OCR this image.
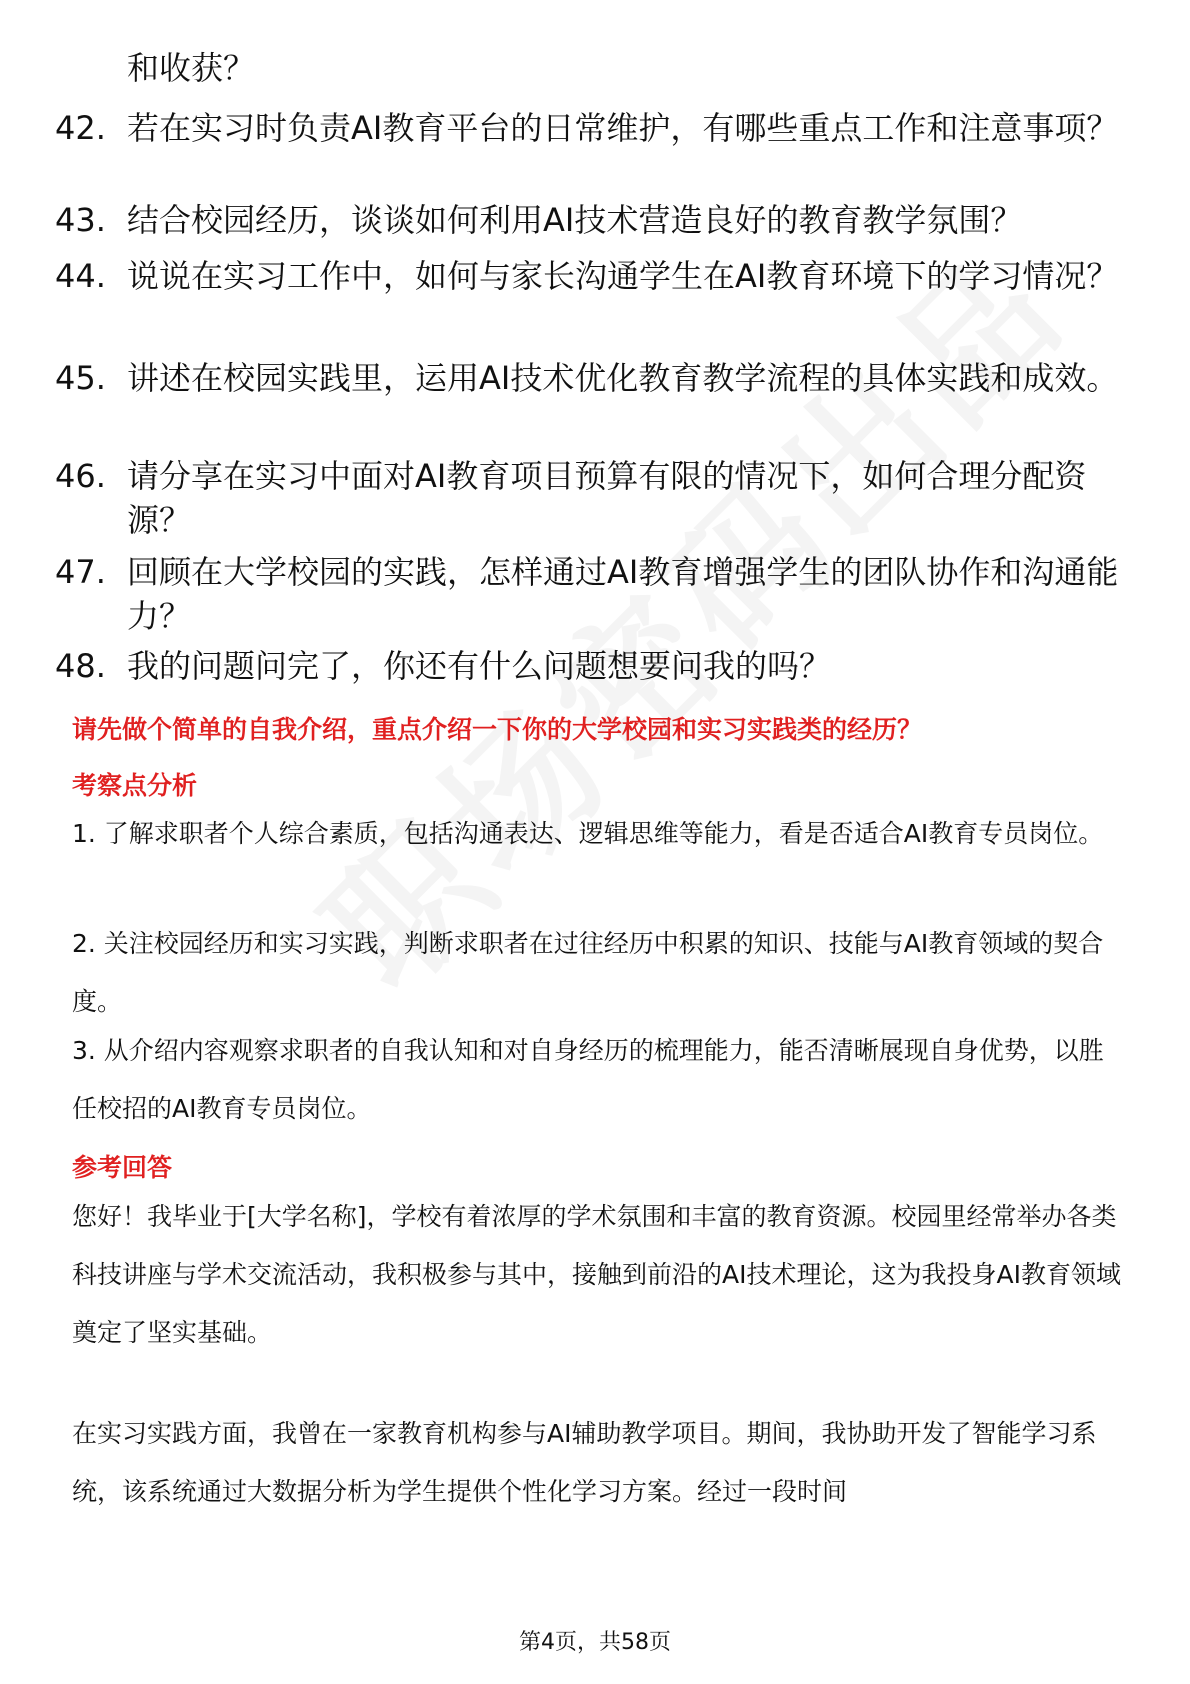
和收获？
42. 若在实习时负责AI教育平台的日常维护，有哪些重点工作和注意事项？
43. 结合校园经历，谈谈如何利用AI技术营造良好的教育教学氛围？
44. 说说在实习工作中，如何与家长沟通学生在AI教育环境下的学习情况？
45. 讲述在校园实践里，运用AI技术优化教育教学流程的具体实践和成效。
46. 请分享在实习中面对AI教育项目预算有限的情况下，如何合理分配资源？
47. 回顾在大学校园的实践，怎样通过AI教育增强学生的团队协作和沟通能力？
48. 我的问题问完了，你还有什么问题想要问我的吗？
请先做个简单的自我介绍，重点介绍一下你的大学校园和实习实践类的经历？
考察点分析
1. 了解求职者个人综合素质，包括沟通表达、逻辑思维等能力，看是否适合AI教育专员岗位。
2. 关注校园经历和实习实践，判断求职者在过往经历中积累的知识、技能与AI教育领域的契合度。
3. 从介绍内容观察求职者的自我认知和对自身经历的梳理能力，能否清晰展现自身优势，以胜任校招的AI教育专员岗位。
参考回答
您好！我毕业于[大学名称]，学校有着浓厚的学术氛围和丰富的教育资源。校园里经常举办各类科技讲座与学术交流活动，我积极参与其中，接触到前沿的AI技术理论，这为我投身AI教育领域奠定了坚实基础。
在实习实践方面，我曾在一家教育机构参与AI辅助教学项目。期间，我协助开发了智能学习系统，该系统通过大数据分析为学生提供个性化学习方案。经过一段时间
第4页，共58页
